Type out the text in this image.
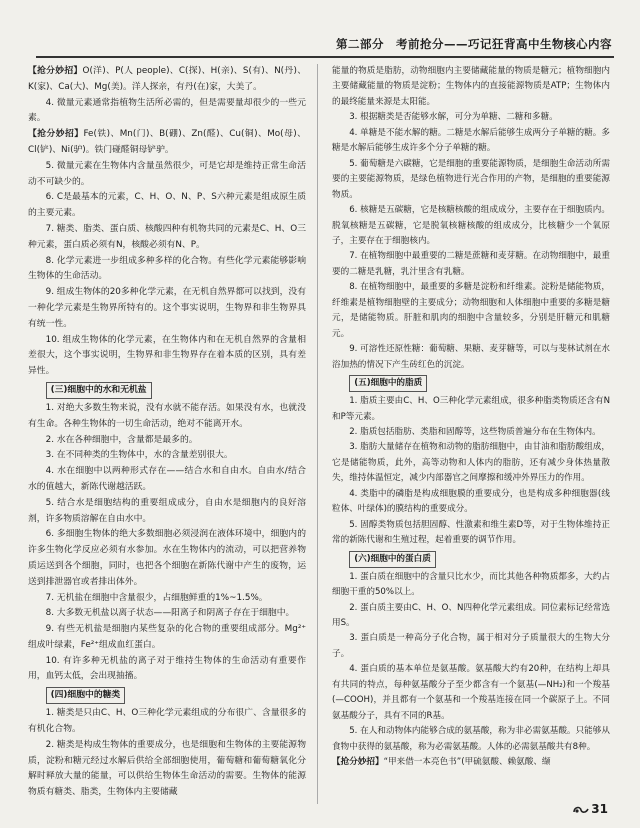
第二部分　考前抢分——巧记狂背高中生物核心内容

【抢分妙招】O(洋)、P(人 people)、C(探)、H(亲)、S(有)、N(丹)、K(家)、Ca(大)、Mg(美)。洋人探亲，有丹(在)家，大美了。

4. 微量元素通常指植物生活所必需的，但是需要量却很少的一些元素。

【抢分妙招】Fe(铁)、Mn(门)、B(硼)、Zn(醛)、Cu(铜)、Mo(母)、Cl(铲)、Ni(驴)。铁门碰醛铜母铲驴。

5. 微量元素在生物体内含量虽然很少，可是它却是维持正常生命活动不可缺少的。

6. C是最基本的元素，C、H、O、N、P、S六种元素是组成原生质的主要元素。

7. 糖类、脂类、蛋白质、核酸四种有机物共同的元素是C、H、O三种元素，蛋白质必须有N，核酸必须有N、P。

8. 化学元素进一步组成多种多样的化合物。有些化学元素能够影响生物体的生命活动。

9. 组成生物体的20多种化学元素，在无机自然界都可以找到，没有一种化学元素是生物界所特有的。这个事实说明，生物界和非生物界具有统一性。

10. 组成生物体的化学元素，在生物体内和在无机自然界的含量相差很大，这个事实说明，生物界和非生物界存在着本质的区别，具有差异性。

(三)细胞中的水和无机盐

1. 对绝大多数生物来说，没有水就不能存活。如果没有水，也就没有生命。各种生物体的一切生命活动，绝对不能离开水。

2. 水在各种细胞中，含量都是最多的。

3. 在不同种类的生物体中，水的含量差别很大。

4. 水在细胞中以两种形式存在——结合水和自由水。自由水/结合水的值越大，新陈代谢越活跃。

5. 结合水是细胞结构的重要组成成分，自由水是细胞内的良好溶剂，许多物质溶解在自由水中。

6. 多细胞生物体的绝大多数细胞必须浸润在液体环境中，细胞内的许多生物化学反应必须有水参加。水在生物体内的流动，可以把营养物质运送到各个细胞，同时，也把各个细胞在新陈代谢中产生的废物，运送到排泄器官或者排出体外。

7. 无机盐在细胞中含量很少，占细胞鲜重的1%~1.5%。

8. 大多数无机盐以离子状态——阳离子和阴离子存在于细胞中。

9. 有些无机盐是细胞内某些复杂的化合物的重要组成部分。Mg²⁺组成叶绿素，Fe²⁺组成血红蛋白。

10. 有许多种无机盐的离子对于维持生物体的生命活动有重要作用，血钙太低，会出现抽搐。

(四)细胞中的糖类

1. 糖类是只由C、H、O三种化学元素组成的分布很广、含量很多的有机化合物。

2. 糖类是构成生物体的重要成分，也是细胞和生物体的主要能源物质，淀粉和糖元经过水解后供给全部细胞使用，葡萄糖和葡萄糖氧化分解时释放大量的能量，可以供给生物体生命活动的需要。生物体的能源物质有糖类、脂类，生物体内主要储藏

能量的物质是脂肪，动物细胞内主要储藏能量的物质是糖元；植物细胞内主要储藏能量的物质是淀粉；生物体内的直接能源物质是ATP；生物体内的最终能量来源是太阳能。

3. 根据糖类是否能够水解，可分为单糖、二糖和多糖。

4. 单糖是不能水解的糖。二糖是水解后能够生成两分子单糖的糖。多糖是水解后能够生成许多个分子单糖的糖。

5. 葡萄糖是六碳糖，它是细胞的重要能源物质，是细胞生命活动所需要的主要能源物质，是绿色植物进行光合作用的产物，是细胞的重要能源物质。

6. 核糖是五碳糖，它是核糖核酸的组成成分，主要存在于细胞质内。脱氧核糖是五碳糖，它是脱氧核糖核酸的组成成分，比核糖少一个氧原子，主要存在于细胞核内。

7. 在植物细胞中最重要的二糖是蔗糖和麦芽糖。在动物细胞中，最重要的二糖是乳糖，乳汁里含有乳糖。

8. 在植物细胞中，最重要的多糖是淀粉和纤维素。淀粉是储能物质，纤维素是植物细胞壁的主要成分；动物细胞和人体细胞中重要的多糖是糖元，是储能物质。肝脏和肌肉的细胞中含量较多，分别是肝糖元和肌糖元。

9. 可溶性还原性糖：葡萄糖、果糖、麦芽糖等，可以与斐林试剂在水浴加热的情况下产生砖红色的沉淀。

(五)细胞中的脂质

1. 脂质主要由C、H、O三种化学元素组成，很多种脂类物质还含有N和P等元素。

2. 脂质包括脂肪、类脂和固醇等，这些物质普遍分布在生物体内。

3. 脂肪大量储存在植物和动物的脂肪细胞中，由甘油和脂肪酸组成，它是储能物质，此外，高等动物和人体内的脂肪，还有减少身体热量散失，维持体温恒定，减少内部器官之间摩擦和缓冲外界压力的作用。

4. 类脂中的磷脂是构成细胞膜的重要成分，也是构成多种细胞器(线粒体、叶绿体)的膜结构的重要成分。

5. 固醇类物质包括胆固醇、性激素和维生素D等，对于生物体维持正常的新陈代谢和生殖过程，起着重要的调节作用。

(六)细胞中的蛋白质

1. 蛋白质在细胞中的含量只比水少，而比其他各种物质都多，大约占细胞干重的50%以上。

2. 蛋白质主要由C、H、O、N四种化学元素组成。同位素标记经常选用S。

3. 蛋白质是一种高分子化合物，属于相对分子质量很大的生物大分子。

4. 蛋白质的基本单位是氨基酸。氨基酸大约有20种，在结构上却具有共同的特点，每种氨基酸分子至少都含有一个氨基(—NH₂)和一个羧基(—COOH)，并且都有一个氨基和一个羧基连接在同一个碳原子上。不同氨基酸分子，具有不同的R基。

5. 在人和动物体内能够合成的氨基酸，称为非必需氨基酸。只能够从食物中获得的氨基酸，称为必需氨基酸。人体的必需氨基酸共有8种。

【抢分妙招】“甲来借一本亮色书”(甲硫氨酸、赖氨酸、缬

31
